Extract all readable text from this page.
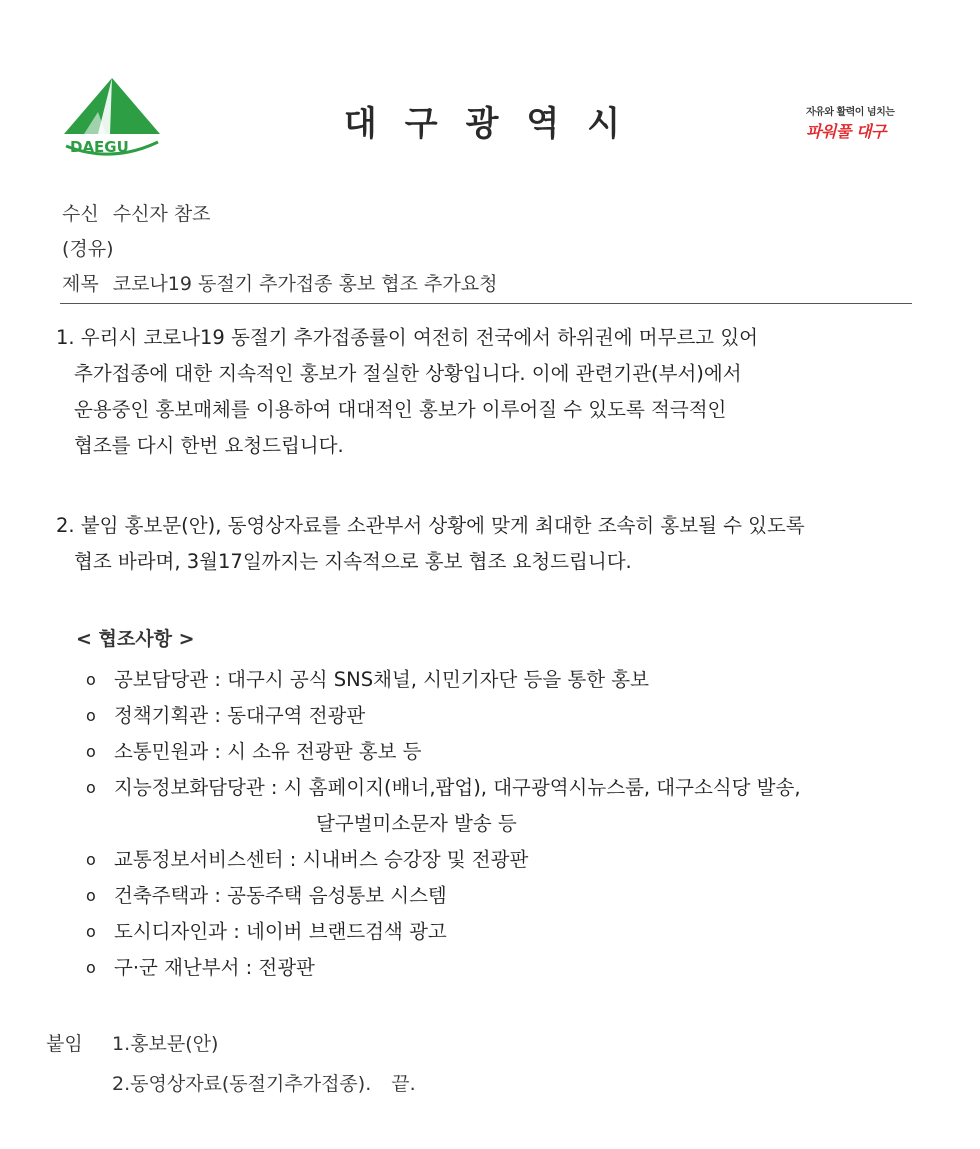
DAEGU
대구광역시	자유와 활력이 넘치는
파워풀 대구
수신 수신자 참조
(경유)
제목 코로나19 동절기 추가접종 홍보 협조 추가요청
1. 우리시 코로나19 동절기 추가접종률이 여전히 전국에서 하위권에 머무르고 있어
추가접종에 대한 지속적인 홍보가 절실한 상황입니다. 이에 관련기관(부서)에서
운용중인 홍보매체를 이용하여 대대적인 홍보가 이루어질 수 있도록 적극적인
협조를 다시 한번 요청드립니다.
2. 붙임 홍보문(안), 동영상자료를 소관부서 상황에 맞게 최대한 조속히 홍보될 수 있도록
협조 바라며, 3월17일까지는 지속적으로 홍보 협조 요청드립니다.
< 협조사항 >
o 공보담당관 : 대구시 공식 SNS채널, 시민기자단 등을 통한 홍보
o 정책기획관 : 동대구역 전광판
o 소통민원과 : 시 소유 전광판 홍보 등
o 지능정보화담당관 : 시 홈페이지(배너,팝업), 대구광역시뉴스룸, 대구소식당 발송,
달구벌미소문자 발송 등
o 교통정보서비스센터 : 시내버스 승강장 및 전광판
o 건축주택과 : 공동주택 음성통보 시스템
o 도시디자인과 : 네이버 브랜드검색 광고
o 구·군 재난부서 : 전광판
붙임 1.홍보문(안)
2.동영상자료(동절기추가접종). 끝.
